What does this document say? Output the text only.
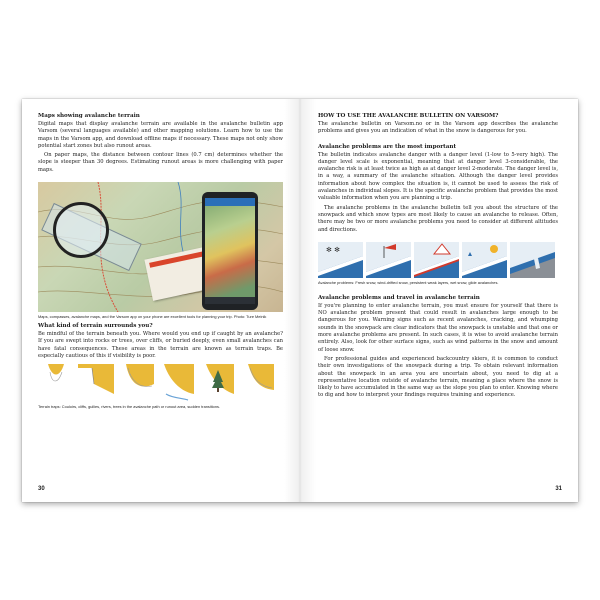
Maps showing avalanche terrain

Digital maps that display avalanche terrain are available in the avalanche bulletin app Varsom (several languages available) and other mapping solutions. Learn how to use the maps in the Varsom app, and download offline maps if necessary. These maps not only show potential start zones but also runout areas.

On paper maps, the distance between contour lines (0.7 cm) determines whether the slope is steeper than 30 degrees. Estimating runout areas is more challenging with paper maps.

Maps, compasses, avalanche maps, and the Varsom app on your phone are excellent tools for planning your trip. Photo: Ture Meinik
What kind of terrain surrounds you?

Be mindful of the terrain beneath you. Where would you end up if caught by an avalanche? If you are swept into rocks or trees, over cliffs, or buried deeply, even small avalanches can have fatal consequences. These areas in the terrain are known as terrain traps. Be especially cautious of this if visibility is poor.

Terrain traps: Couloirs, cliffs, gullies, rivers, trees in the avalanche path or runout area, sudden transitions.
30
HOW TO USE THE AVALANCHE BULLETIN ON VARSOM?

The avalanche bulletin on Varsom.no or in the Varsom app describes the avalanche problems and gives you an indication of what in the snow is dangerous for you.

Avalanche problems are the most important

The bulletin indicates avalanche danger with a danger level (1-low to 5-very high). The danger level scale is exponential, meaning that at danger level 3-considerable, the avalanche risk is at least twice as high as at danger level 2-moderate. The danger level is, in a way, a summary of the avalanche situation. Although the danger level provides information about how complex the situation is, it cannot be used to assess the risk of avalanches in individual slopes. It is the specific avalanche problem that provides the most valuable information when you are planning a trip.

The avalanche problems in the avalanche bulletin tell you about the structure of the snowpack and which snow types are most likely to cause an avalanche to release. Often, there may be two or more avalanche problems you need to consider at different altitudes and directions.

✻ ✻
Avalanche problems: Fresh snow, wind-drifted snow, persistent weak layers, wet snow, glide avalanches.
Avalanche problems and travel in avalanche terrain

If you're planning to enter avalanche terrain, you must ensure for yourself that there is NO avalanche problem present that could result in avalanches large enough to be dangerous for you. Warning signs such as recent avalanches, cracking, and whumping sounds in the snowpack are clear indicators that the snowpack is unstable and that one or more avalanche problems are present. In such cases, it is wise to avoid avalanche terrain entirely. Also, look for other surface signs, such as wind patterns in the snow and amount of loose snow.

For professional guides and experienced backcountry skiers, it is common to conduct their own investigations of the snowpack during a trip. To obtain relevant information about the snowpack in an area you are uncertain about, you need to dig at a representative location outside of avalanche terrain, meaning a place where the snow is likely to have accumulated in the same way as the slope you plan to enter. Knowing where to dig and how to interpret your findings requires training and experience.

31
